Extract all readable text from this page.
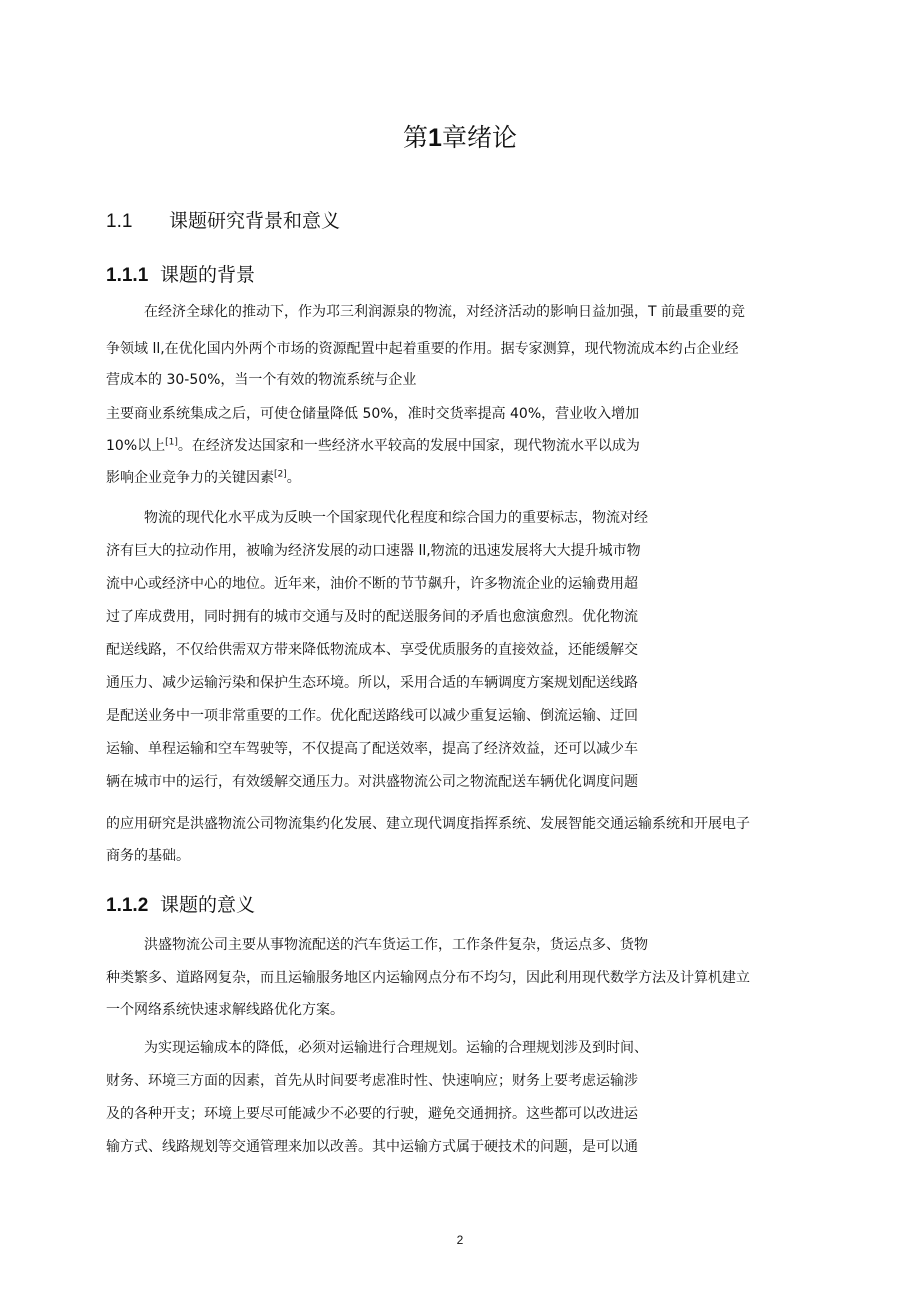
第1章绪论
1.1 课题研究背景和意义
1.1.1 课题的背景
在经济全球化的推动下，作为邛三利润源泉的物流，对经济活动的影响日益加强，T 前最重要的竞
争领域 ll,在优化国内外两个市场的资源配置中起着重要的作用。据专家测算，现代物流成本约占企业经
营成本的 30-50%，当一个有效的物流系统与企业
主要商业系统集成之后，可使仓储量降低 50%，准时交货率提高 40%，营业收入增加
10%以上[1]。在经济发达国家和一些经济水平较高的发展中国家，现代物流水平以成为
影响企业竞争力的关键因素[2]。
物流的现代化水平成为反映一个国家现代化程度和综合国力的重要标志，物流对经
济有巨大的拉动作用，被喻为经济发展的动口速器 ll,物流的迅速发展将大大提升城市物
流中心或经济中心的地位。近年来，油价不断的节节飙升，许多物流企业的运输费用超
过了库成费用，同时拥有的城市交通与及时的配送服务间的矛盾也愈演愈烈。优化物流
配送线路，不仅给供需双方带来降低物流成本、享受优质服务的直接效益，还能缓解交
通压力、减少运输污染和保护生态环境。所以，采用合适的车辆调度方案规划配送线路
是配送业务中一项非常重要的工作。优化配送路线可以减少重复运输、倒流运输、迂回
运输、单程运输和空车驾驶等，不仅提高了配送效率，提高了经济效益，还可以减少车
辆在城市中的运行，有效缓解交通压力。对洪盛物流公司之物流配送车辆优化调度问题
的应用研究是洪盛物流公司物流集约化发展、建立现代调度指挥系统、发展智能交通运输系统和开展电子
商务的基础。
1.1.2 课题的意义
洪盛物流公司主要从事物流配送的汽车货运工作，工作条件复杂，货运点多、货物
种类繁多、道路网复杂，而且运输服务地区内运输网点分布不均匀，因此利用现代数学方法及计算机建立
一个网络系统快速求解线路优化方案。
为实现运输成本的降低，必须对运输进行合理规划。运输的合理规划涉及到时间、
财务、环境三方面的因素，首先从时间要考虑准时性、快速响应；财务上要考虑运输涉
及的各种开支；环境上要尽可能减少不必要的行驶，避免交通拥挤。这些都可以改进运
输方式、线路规划等交通管理来加以改善。其中运输方式属于硬技术的问题，是可以通
2
